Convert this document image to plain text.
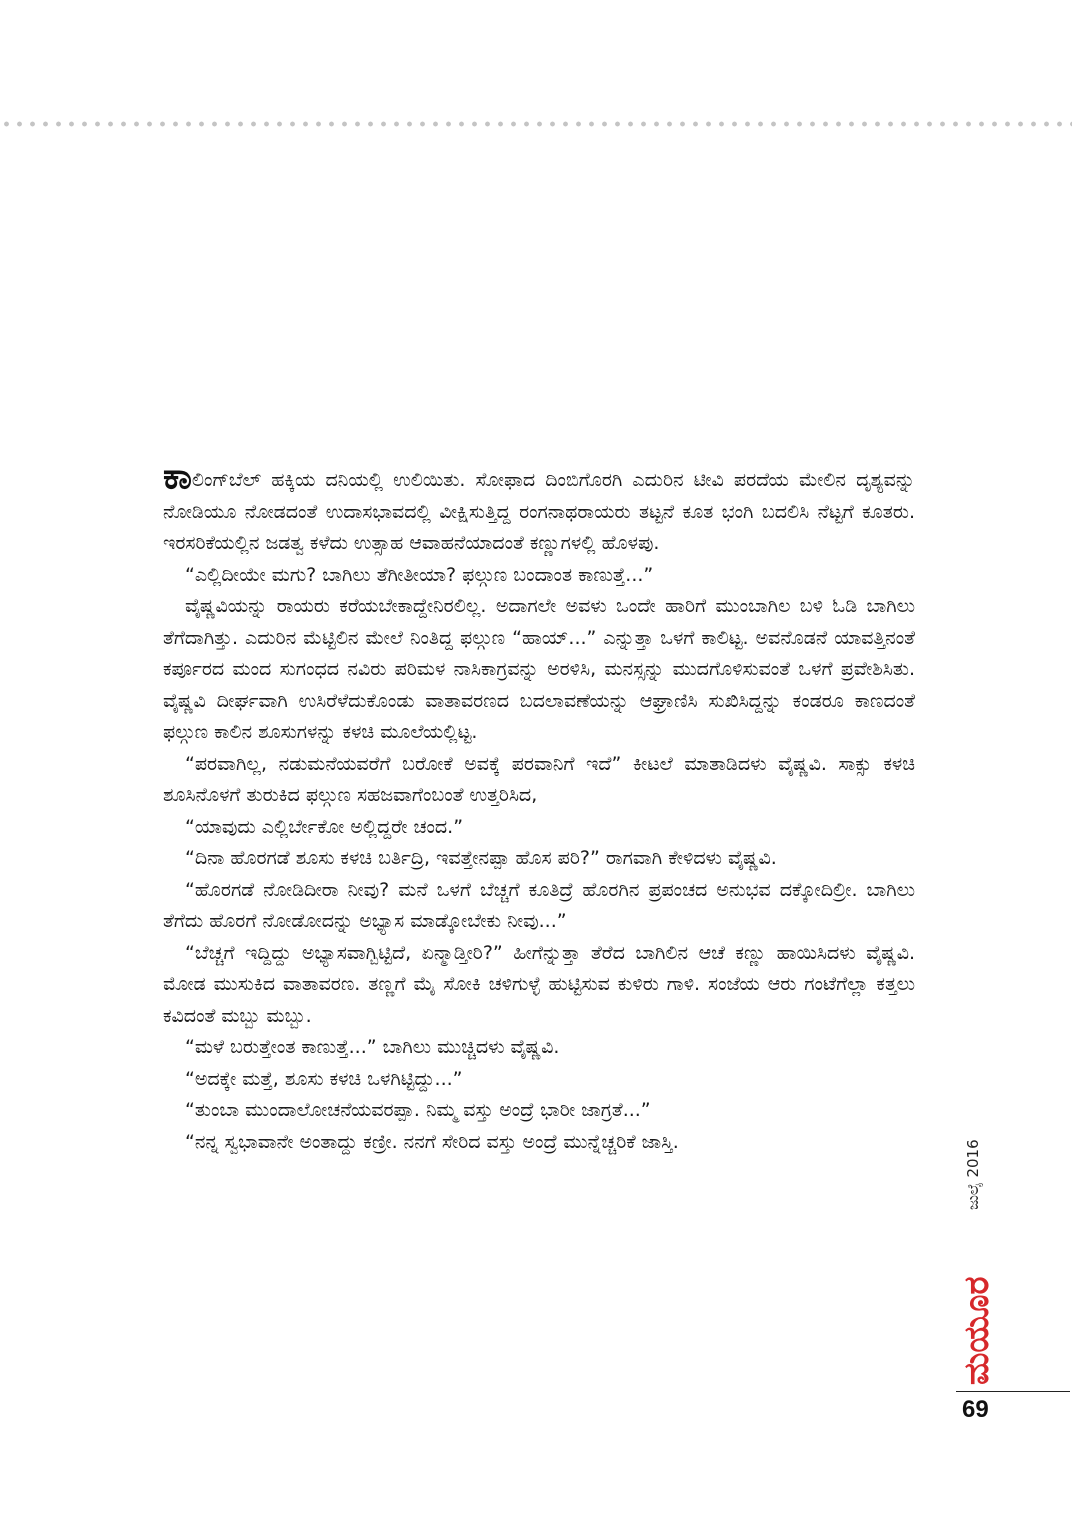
ಕಾಲಿಂಗ್‌ಬೆಲ್ ಹಕ್ಕಿಯ ದನಿಯಲ್ಲಿ ಉಲಿಯಿತು. ಸೋಫಾದ ದಿಂಬಿಗೊರಗಿ ಎದುರಿನ ಟೀವಿ ಪರದೆಯ ಮೇಲಿನ ದೃಶ್ಯವನ್ನು ನೋಡಿಯೂ ನೋಡದಂತೆ ಉದಾಸಭಾವದಲ್ಲಿ ವೀಕ್ಷಿಸುತ್ತಿದ್ದ ರಂಗನಾಥರಾಯರು ತಟ್ಟನೆ ಕೂತ ಭಂಗಿ ಬದಲಿಸಿ ನೆಟ್ಟಗೆ ಕೂತರು. ಇರಸರಿಕೆಯಲ್ಲಿನ ಜಡತ್ವ ಕಳೆದು ಉತ್ಸಾಹ ಆವಾಹನೆಯಾದಂತೆ ಕಣ್ಣುಗಳಲ್ಲಿ ಹೊಳಪು.

“ಎಲ್ಲಿದೀಯೇ ಮಗು? ಬಾಗಿಲು ತೆಗೀತೀಯಾ? ಫಲ್ಗುಣ ಬಂದಾಂತ ಕಾಣುತ್ತೆ...”

ವೈಷ್ಣವಿಯನ್ನು ರಾಯರು ಕರೆಯಬೇಕಾದ್ದೇನಿರಲಿಲ್ಲ. ಅದಾಗಲೇ ಅವಳು ಒಂದೇ ಹಾರಿಗೆ ಮುಂಬಾಗಿಲ ಬಳಿ ಓಡಿ ಬಾಗಿಲು ತೆಗೆದಾಗಿತ್ತು. ಎದುರಿನ ಮೆಟ್ಟಿಲಿನ ಮೇಲೆ ನಿಂತಿದ್ದ ಫಲ್ಗುಣ “ಹಾಯ್...” ಎನ್ನುತ್ತಾ ಒಳಗೆ ಕಾಲಿಟ್ಟ. ಅವನೊಡನೆ ಯಾವತ್ತಿನಂತೆ ಕರ್ಪೂರದ ಮಂದ ಸುಗಂಧದ ನವಿರು ಪರಿಮಳ ನಾಸಿಕಾಗ್ರವನ್ನು ಅರಳಿಸಿ, ಮನಸ್ಸನ್ನು ಮುದಗೊಳಿಸುವಂತೆ ಒಳಗೆ ಪ್ರವೇಶಿಸಿತು. ವೈಷ್ಣವಿ ದೀರ್ಘವಾಗಿ ಉಸಿರೆಳೆದುಕೊಂಡು ವಾತಾವರಣದ ಬದಲಾವಣೆಯನ್ನು ಆಘ್ರಾಣಿಸಿ ಸುಖಿಸಿದ್ದನ್ನು ಕಂಡರೂ ಕಾಣದಂತೆ ಫಲ್ಗುಣ ಕಾಲಿನ ಶೂಸುಗಳನ್ನು ಕಳಚಿ ಮೂಲೆಯಲ್ಲಿಟ್ಟ.

“ಪರವಾಗಿಲ್ಲ, ನಡುಮನೆಯವರೆಗೆ ಬರೋಕೆ ಅವಕ್ಕೆ ಪರವಾನಿಗೆ ಇದೆ” ಕೀಟಲೆ ಮಾತಾಡಿದಳು ವೈಷ್ಣವಿ. ಸಾಕ್ಸು ಕಳಚಿ ಶೂಸಿನೊಳಗೆ ತುರುಕಿದ ಫಲ್ಗುಣ ಸಹಜವಾಗೆಂಬಂತೆ ಉತ್ತರಿಸಿದ,

“ಯಾವುದು ಎಲ್ಲಿರ್ಬೇಕೋ ಅಲ್ಲಿದ್ದರೇ ಚಂದ.”

“ದಿನಾ ಹೊರಗಡೆ ಶೂಸು ಕಳಚಿ ಬರ್ತಿದ್ರಿ, ಇವತ್ತೇನಪ್ಪಾ ಹೊಸ ಪರಿ?” ರಾಗವಾಗಿ ಕೇಳಿದಳು ವೈಷ್ಣವಿ.

“ಹೊರಗಡೆ ನೋಡಿದೀರಾ ನೀವು? ಮನೆ ಒಳಗೆ ಬೆಚ್ಚಗೆ ಕೂತಿದ್ರೆ ಹೊರಗಿನ ಪ್ರಪಂಚದ ಅನುಭವ ದಕ್ಕೋದಿಲ್ರೀ. ಬಾಗಿಲು ತೆಗೆದು ಹೊರಗೆ ನೋಡೋದನ್ನು ಅಭ್ಯಾಸ ಮಾಡ್ಕೋಬೇಕು ನೀವು...”

“ಬೆಚ್ಚಗೆ ಇದ್ದಿದ್ದು ಅಭ್ಯಾಸವಾಗ್ಬಿಟ್ಟಿದೆ, ಏನ್ಮಾಡ್ತೀರಿ?” ಹೀಗೆನ್ನುತ್ತಾ ತೆರೆದ ಬಾಗಿಲಿನ ಆಚೆ ಕಣ್ಣು ಹಾಯಿಸಿದಳು ವೈಷ್ಣವಿ. ಮೋಡ ಮುಸುಕಿದ ವಾತಾವರಣ. ತಣ್ಣಗೆ ಮೈ ಸೋಕಿ ಚಳಿಗುಳ್ಳೆ ಹುಟ್ಟಿಸುವ ಕುಳಿರು ಗಾಳಿ. ಸಂಜೆಯ ಆರು ಗಂಟೆಗೆಲ್ಲಾ ಕತ್ತಲು ಕವಿದಂತೆ ಮಬ್ಬು ಮಬ್ಬು.

“ಮಳೆ ಬರುತ್ತೇಂತ ಕಾಣುತ್ತೆ...” ಬಾಗಿಲು ಮುಚ್ಚಿದಳು ವೈಷ್ಣವಿ.

“ಅದಕ್ಕೇ ಮತ್ತೆ, ಶೂಸು ಕಳಚಿ ಒಳಗಿಟ್ಟಿದ್ದು...”

“ತುಂಬಾ ಮುಂದಾಲೋಚನೆಯವರಪ್ಪಾ. ನಿಮ್ಮ ವಸ್ತು ಅಂದ್ರೆ ಭಾರೀ ಜಾಗ್ರತೆ...”

“ನನ್ನ ಸ್ವಭಾವಾನೇ ಅಂತಾದ್ದು ಕಣ್ರೀ. ನನಗೆ ಸೇರಿದ ವಸ್ತು ಅಂದ್ರೆ ಮುನ್ನೆಚ್ಚರಿಕೆ ಜಾಸ್ತಿ.	ಜುಲೈ 2016
ಮಯೂರ
69
